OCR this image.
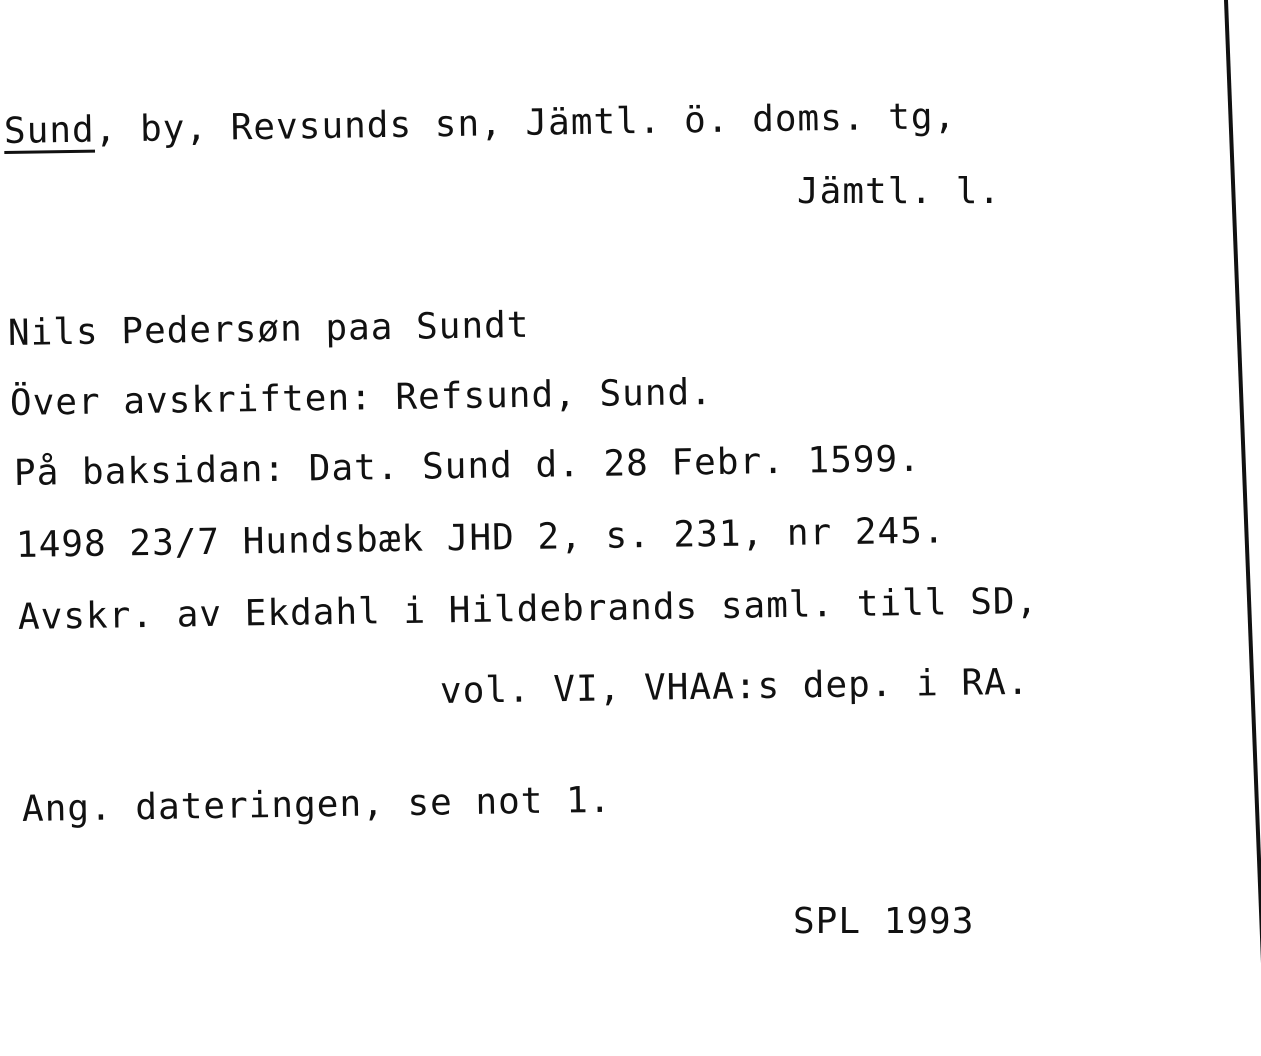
Sund, by, Revsunds sn, Jämtl. ö. doms. tg,
Jämtl. l.
Nils Pedersøn paa Sundt
Över avskriften: Refsund, Sund.
På baksidan: Dat. Sund d. 28 Febr. 1599.
1498 23/7 Hundsbæk JHD 2, s. 231, nr 245.
Avskr. av Ekdahl i Hildebrands saml. till SD,
vol. VI, VHAA:s dep. i RA.
Ang. dateringen, se not 1.
SPL 1993
